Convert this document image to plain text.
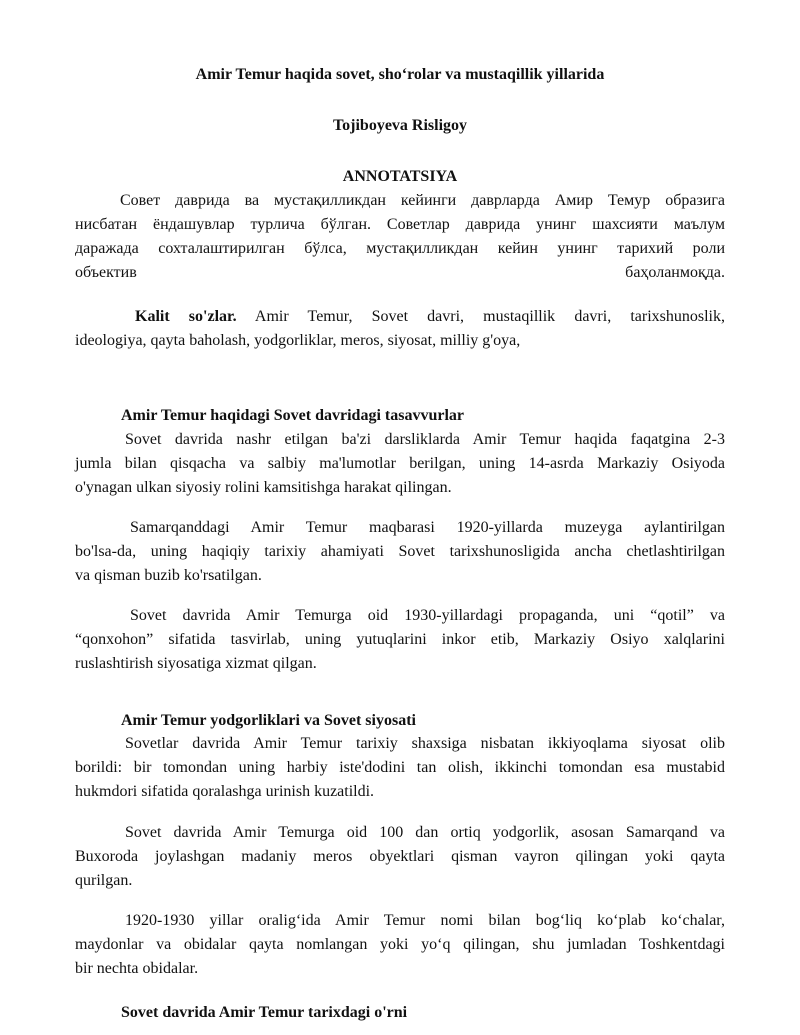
Amir Temur haqida sovet, sho‘rolar va mustaqillik yillarida
Tojiboyeva Risligoy
ANNOTATSIYA
Совет даврида ва мустақилликдан кейинги даврларда Амир Темур образига
нисбатан ёндашувлар турлича бўлган. Советлар даврида унинг шахсияти маълум
даражада сохталаштирилган бўлса, мустақилликдан кейин унинг тарихий роли
объектив	баҳоланмоқда.
Kalit so'zlar. Amir Temur, Sovet davri, mustaqillik davri, tarixshunoslik,
ideologiya, qayta baholash, yodgorliklar, meros, siyosat, milliy g'oya,
Amir Temur haqidagi Sovet davridagi tasavvurlar
Sovet davrida nashr etilgan ba'zi darsliklarda Amir Temur haqida faqatgina 2-3
jumla bilan qisqacha va salbiy ma'lumotlar berilgan, uning 14-asrda Markaziy Osiyoda
o'ynagan ulkan siyosiy rolini kamsitishga harakat qilingan.
Samarqanddagi Amir Temur maqbarasi 1920-yillarda muzeyga aylantirilgan
bo'lsa-da, uning haqiqiy tarixiy ahamiyati Sovet tarixshunosligida ancha chetlashtirilgan
va qisman buzib ko'rsatilgan.
Sovet davrida Amir Temurga oid 1930-yillardagi propaganda, uni “qotil” va
“qonxohon” sifatida tasvirlab, uning yutuqlarini inkor etib, Markaziy Osiyo xalqlarini
ruslashtirish siyosatiga xizmat qilgan.
Amir Temur yodgorliklari va Sovet siyosati
Sovetlar davrida Amir Temur tarixiy shaxsiga nisbatan ikkiyoqlama siyosat olib
borildi: bir tomondan uning harbiy iste'dodini tan olish, ikkinchi tomondan esa mustabid
hukmdori sifatida qoralashga urinish kuzatildi.
Sovet davrida Amir Temurga oid 100 dan ortiq yodgorlik, asosan Samarqand va
Buxoroda joylashgan madaniy meros obyektlari qisman vayron qilingan yoki qayta
qurilgan.
1920-1930 yillar oralig‘ida Amir Temur nomi bilan bog‘liq ko‘plab ko‘chalar,
maydonlar va obidalar qayta nomlangan yoki yo‘q qilingan, shu jumladan Toshkentdagi
bir nechta obidalar.
Sovet davrida Amir Temur tarixdagi o'rni
